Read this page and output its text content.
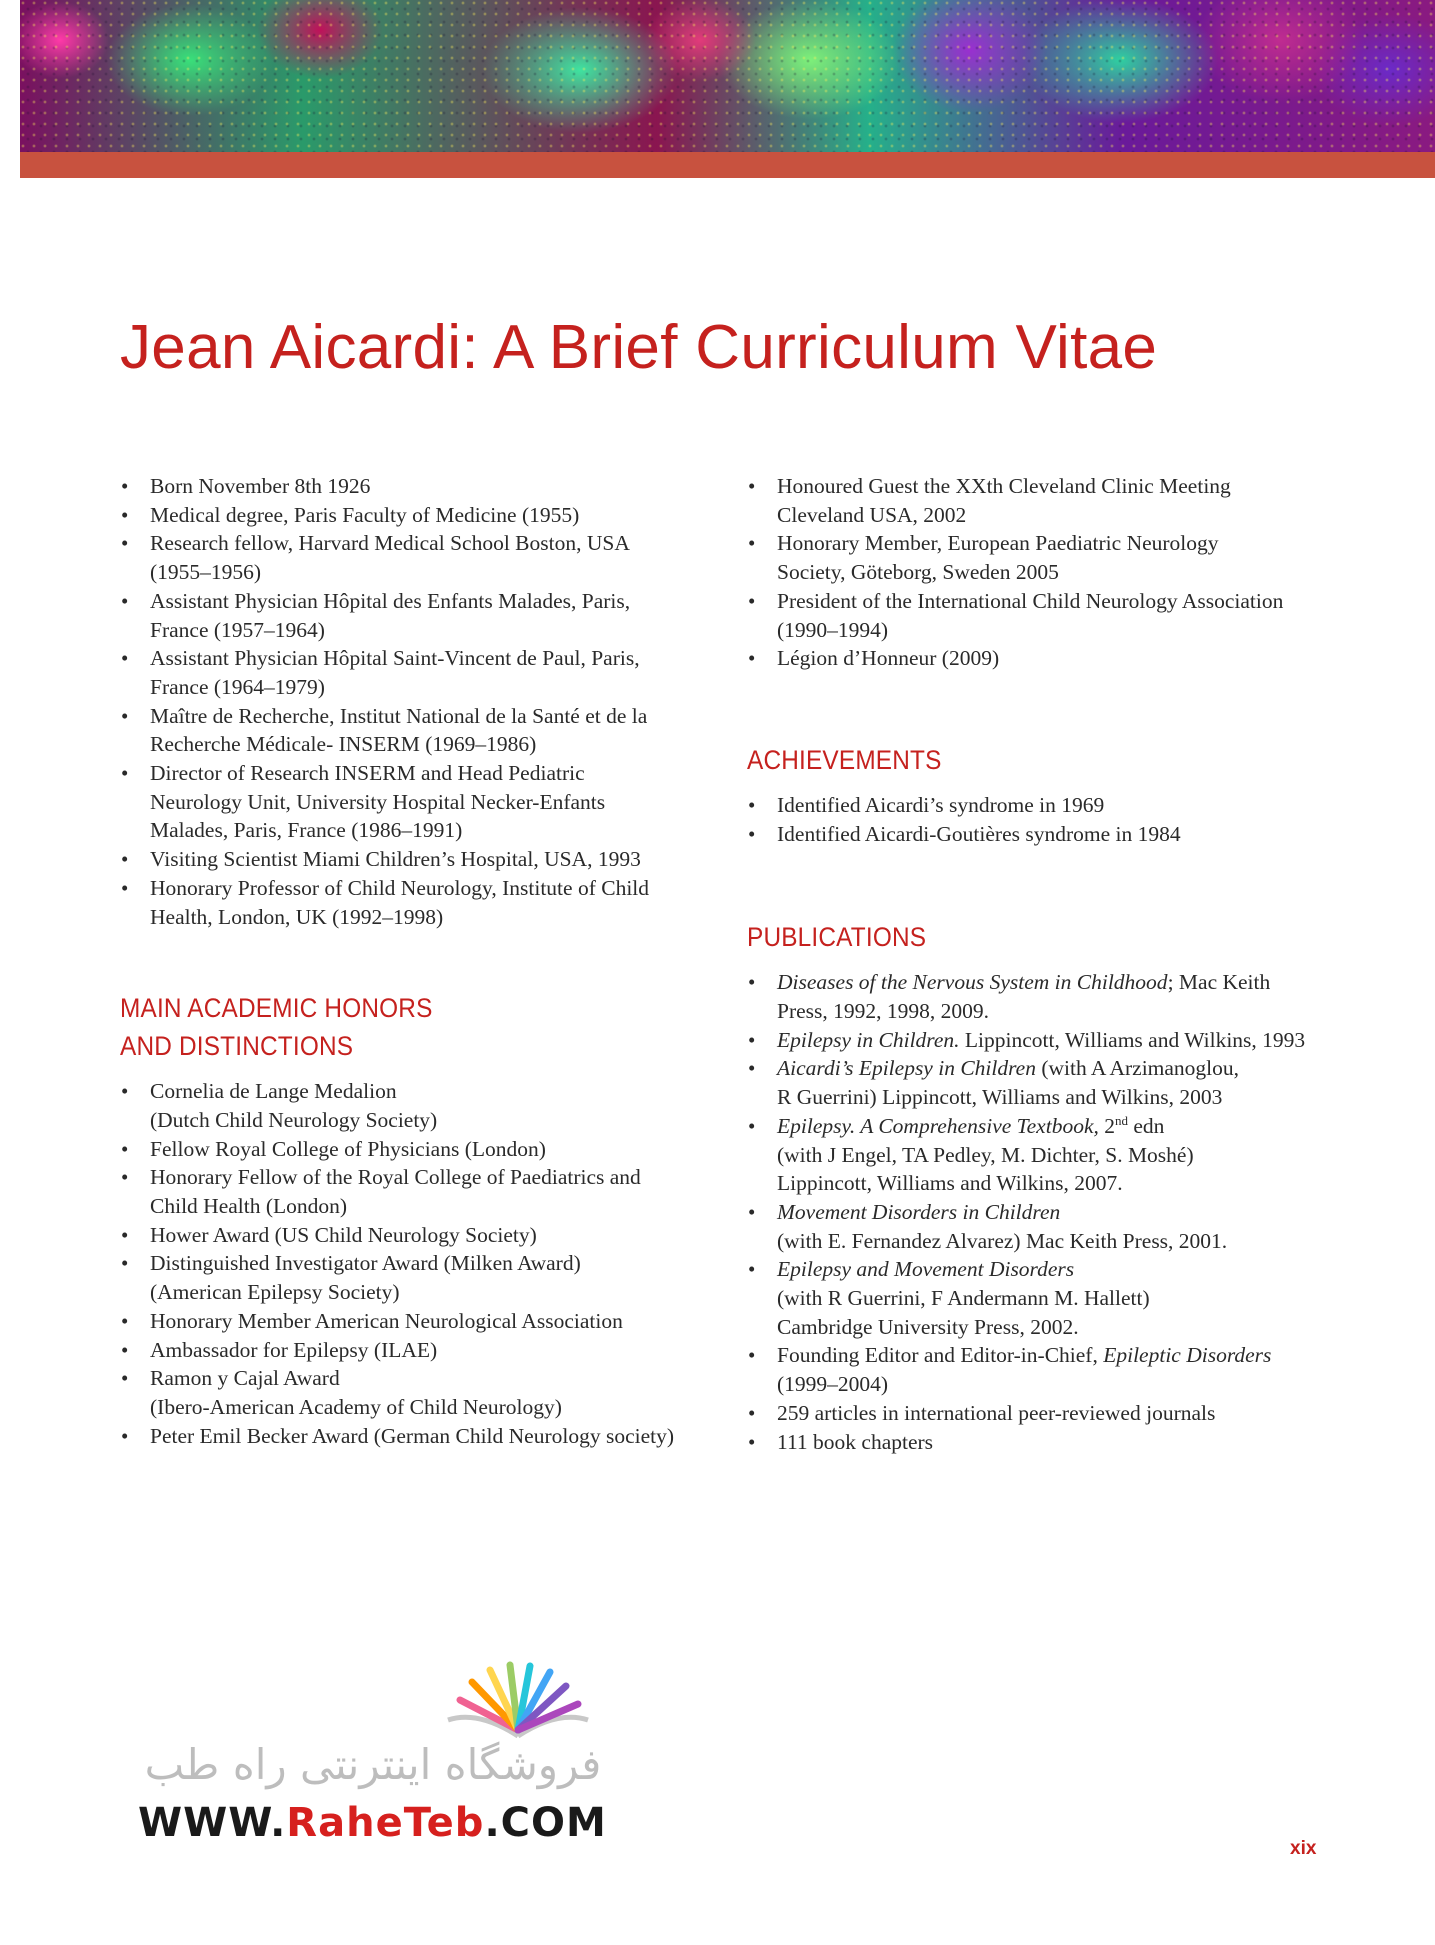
Jean Aicardi: A Brief Curriculum Vitae
• Born November 8th 1926
• Medical degree, Paris Faculty of Medicine (1955)
• Research fellow, Harvard Medical School Boston, USA
(1955–1956)
• Assistant Physician Hôpital des Enfants Malades, Paris,
France (1957–1964)
• Assistant Physician Hôpital Saint-Vincent de Paul, Paris,
France (1964–1979)
• Maître de Recherche, Institut National de la Santé et de la
Recherche Médicale- INSERM (1969–1986)
• Director of Research INSERM and Head Pediatric
Neurology Unit, University Hospital Necker-Enfants
Malades, Paris, France (1986–1991)
• Visiting Scientist Miami Children’s Hospital, USA, 1993
• Honorary Professor of Child Neurology, Institute of Child
Health, London, UK (1992–1998)
MAIN ACADEMIC HONORS
AND DISTINCTIONS
• Cornelia de Lange Medalion
(Dutch Child Neurology Society)
• Fellow Royal College of Physicians (London)
• Honorary Fellow of the Royal College of Paediatrics and
Child Health (London)
• Hower Award (US Child Neurology Society)
• Distinguished Investigator Award (Milken Award)
(American Epilepsy Society)
• Honorary Member American Neurological Association
• Ambassador for Epilepsy (ILAE)
• Ramon y Cajal Award
(Ibero-American Academy of Child Neurology)
• Peter Emil Becker Award (German Child Neurology society)
• Honoured Guest the XXth Cleveland Clinic Meeting
Cleveland USA, 2002
• Honorary Member, European Paediatric Neurology
Society, Göteborg, Sweden 2005
• President of the International Child Neurology Association
(1990–1994)
• Légion d’Honneur (2009)
ACHIEVEMENTS
• Identified Aicardi’s syndrome in 1969
• Identified Aicardi-Goutières syndrome in 1984
PUBLICATIONS
• Diseases of the Nervous System in Childhood; Mac Keith
Press, 1992, 1998, 2009.
• Epilepsy in Children. Lippincott, Williams and Wilkins, 1993
• Aicardi’s Epilepsy in Children (with A Arzimanoglou,
R Guerrini) Lippincott, Williams and Wilkins, 2003
• Epilepsy. A Comprehensive Textbook, 2nd edn
(with J Engel, TA Pedley, M. Dichter, S. Moshé)
Lippincott, Williams and Wilkins, 2007.
• Movement Disorders in Children
(with E. Fernandez Alvarez) Mac Keith Press, 2001.
• Epilepsy and Movement Disorders
(with R Guerrini, F Andermann M. Hallett)
Cambridge University Press, 2002.
• Founding Editor and Editor-in-Chief, Epileptic Disorders
(1999–2004)
• 259 articles in international peer-reviewed journals
• 111 book chapters
فروشگاه اینترنتی راه طب
WWW.RaheTeb.COM
xix
